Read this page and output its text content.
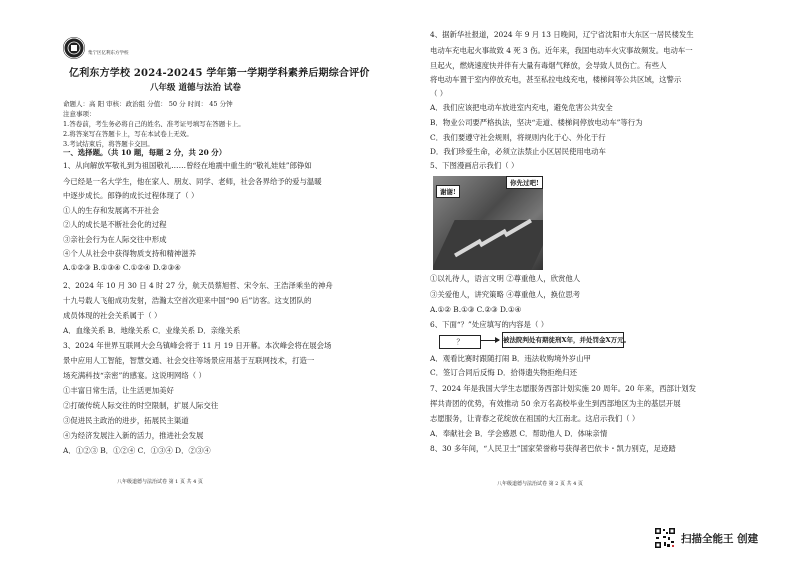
集宁区亿利东方学校
亿利东方学校 2024-20245 学年第一学期学科素养后期综合评价
八年级 道德与法治 试卷
命题人：高 阳 审核：政治组 分值： 50 分 时间： 45 分钟
注意事项：
1.答卷前，考生务必将自己的姓名、准考证号填写在答题卡上。
2.将答案写在答题卡上，写在本试卷上无效。
3.考试结束后，将答题卡交回。
一、选择题。（共 10 题，每题 2 分，共 20 分）
1、从向解放军敬礼到为祖国敬礼……曾经在地震中重生的“敬礼娃娃”郎铮如
今已经是一名大学生，他在家人、朋友、同学、老师，社会各界给予的爱与温暖
中逐步成长。郎铮的成长过程体现了（ ）
①人的生存和发展离不开社会
②人的成长是不断社会化的过程
③亲社会行为在人际交往中形成
④个人从社会中获得物质支持和精神滋养
A.①②③ B.①③④ C.①②④ D.②③④
2、2024 年 10 月 30 日 4 时 27 分，航天员蔡旭哲、宋令东、王浩泽乘坐的神舟
十九号载人飞船成功发射，浩瀚太空首次迎来中国“90 后”访客。这支团队的
成员体现的社会关系属于（ ）
A．血缘关系 B．地缘关系 C．业缘关系 D．亲缘关系
3、2024 年世界互联网大会乌镇峰会将于 11 月 19 日开幕。本次峰会将在展会场
景中应用人工智能，智慧交通、社会交往等场景应用基于互联网技术，打造一
场充满科技“亲密”的感宴。这说明网络（ ）
①丰富日常生活，让生活更加美好
②打破传统人际交往的时空限制，扩展人际交往
③促进民主政治的进步，拓展民主渠道
④为经济发展注入新的活力，推进社会发展
A．①②③ B．①②④ C．①③④ D．②③④
八年级道德与法治试卷 第 1 页 共 4 页
4、据新华社报道，2024 年 9 月 13 日晚间，辽宁省沈阳市大东区一居民楼发生
电动车充电起火事故致 4 死 3 伤。近年来，我国电动车火灾事故频发。电动车一
旦起火，燃烧速度快并伴有大量有毒烟气释放，会导致人员伤亡。有些人
将电动车置于室内停放充电，甚至私拉电线充电，楼梯间等公共区域，这警示
（ ）
A．我们应该把电动车放进室内充电，避免危害公共安全
B．物业公司要严格执法，坚决“走道、楼梯间停放电动车”等行为
C．我们要遵守社会规则，将规则内化于心、外化于行
D．我们珍爱生命，必须立法禁止小区居民使用电动车
5、下图漫画启示我们（ ）
谢谢!
你先过吧!
①以礼待人，语言文明 ②尊重他人，欣赏他人
③关爱他人，讲究策略 ④尊重他人，换位思考
A.①② B.①③ C.②③ D.①④
6、下面“？”处应填写的内容是（ ）
？	被法院判处有期徒刑X年，并处罚金X万元。
A．观看比赛时跟随打闹 B．违法收购境外岁山甲
C．签订合同后反悔 D．拾得遗失物拒绝归还
7、2024 年是我国大学生志愿服务西部计划实施 20 周年。20 年来，西部计划发
挥共青团的优势，有效推动 50 余万名高校毕业生到西部地区为主的基层开展
志愿服务，让青春之花绽放在祖国的大江南北。这启示我们（ ）
A．奉献社会 B．学会感恩 C．帮助他人 D．体味亲情
8、30 多年间，“人民卫士”国家荣誉称号获得者巴依卡・凯力别克，足迹踏
八年级道德与法治试卷 第 2 页 共 4 页
扫描全能王 创建
